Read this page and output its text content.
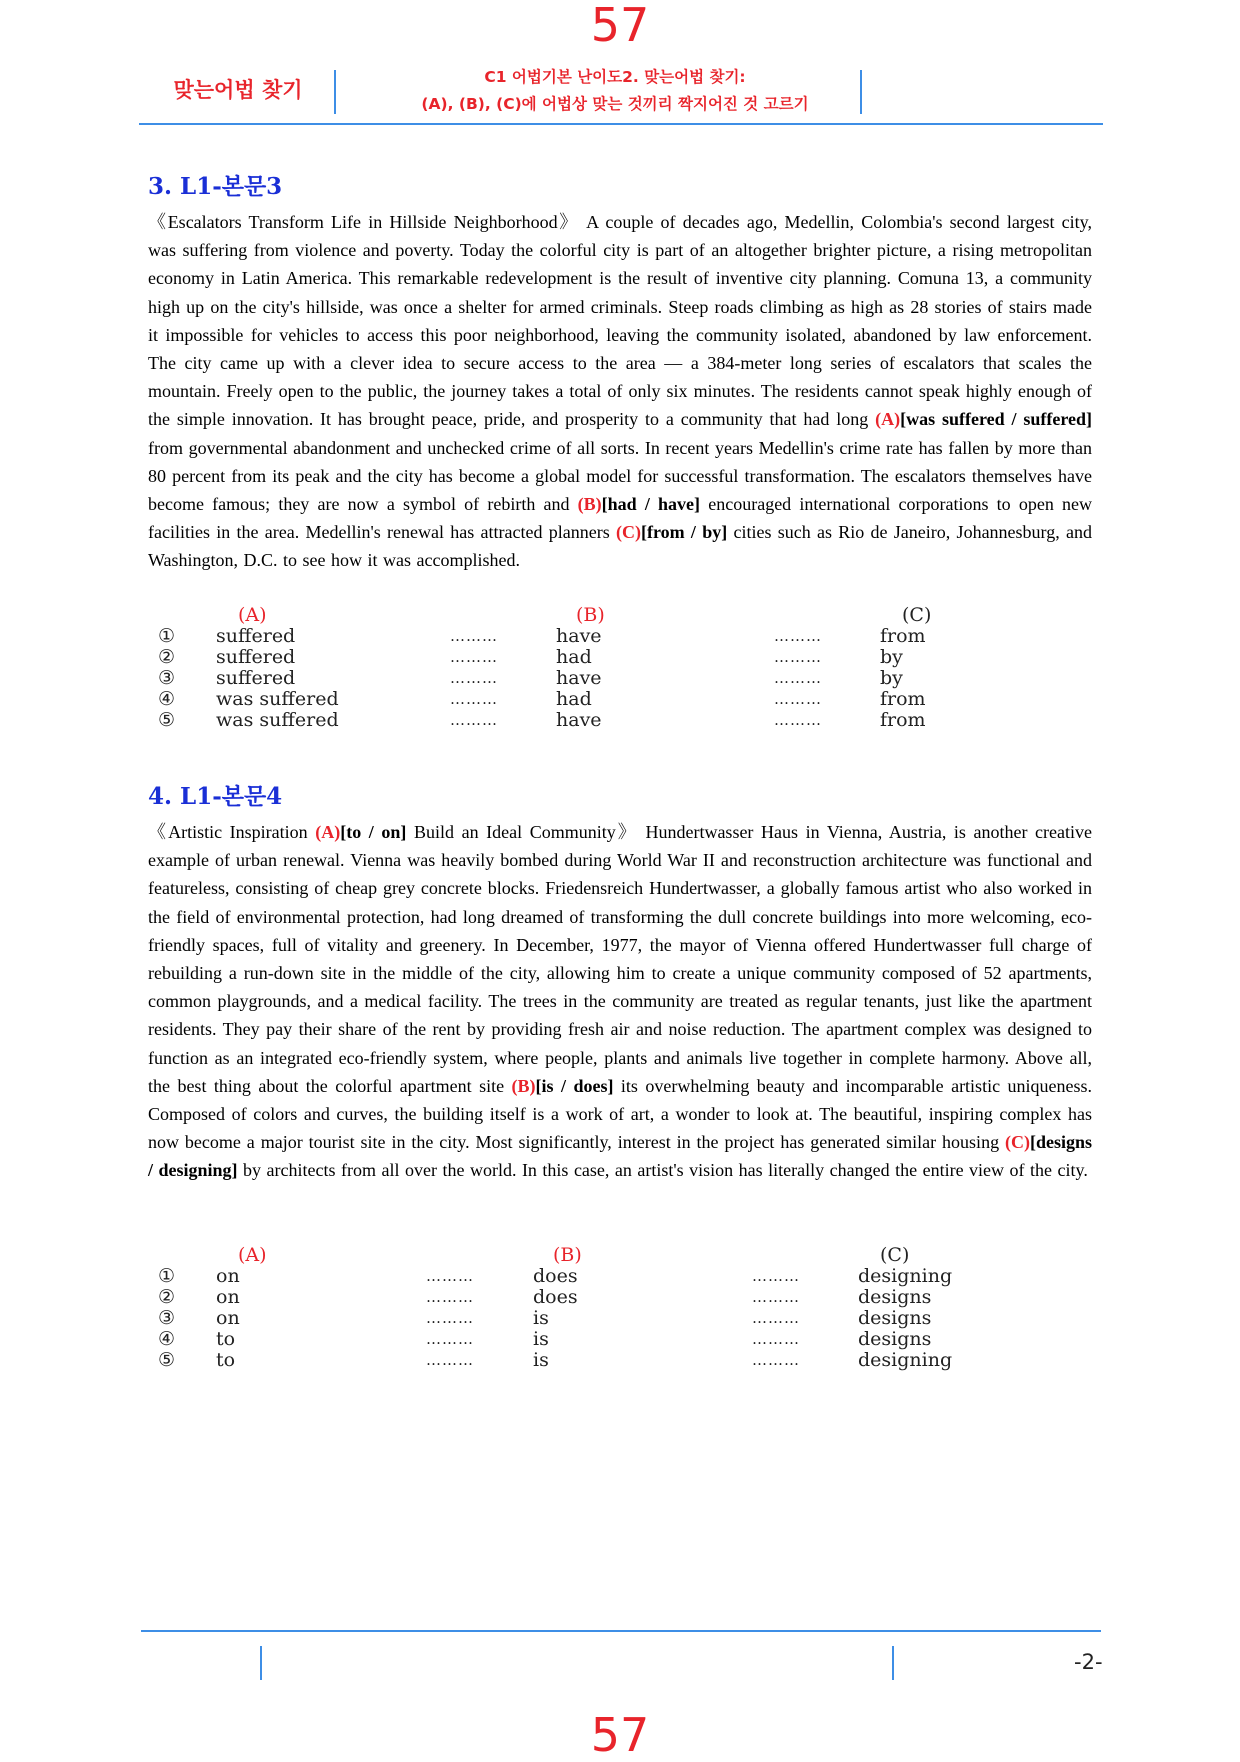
57
맞는어법 찾기
C1 어법기본 난이도2. 맞는어법 찾기:
(A), (B), (C)에 어법상 맞는 것끼리 짝지어진 것 고르기
3. L1-본문3

《Escalators Transform Life in Hillside Neighborhood》 A couple of decades ago, Medellin, Colombia's second largest city, was suffering from violence and poverty. Today the colorful city is part of an altogether brighter picture, a rising metropolitan economy in Latin America. This remarkable redevelopment is the result of inventive city planning. Comuna 13, a community high up on the city's hillside, was once a shelter for armed criminals. Steep roads climbing as high as 28 stories of stairs made it impossible for vehicles to access this poor neighborhood, leaving the community isolated, abandoned by law enforcement. The city came up with a clever idea to secure access to the area — a 384-meter long series of escalators that scales the mountain. Freely open to the public, the journey takes a total of only six minutes. The residents cannot speak highly enough of the simple innovation. It has brought peace, pride, and prosperity to a community that had long (A)[was suffered / suffered] from governmental abandonment and unchecked crime of all sorts. In recent years Medellin's crime rate has fallen by more than 80 percent from its peak and the city has become a global model for successful transformation. The escalators themselves have become famous; they are now a symbol of rebirth and (B)[had / have] encouraged international corporations to open new facilities in the area. Medellin's renewal has attracted planners (C)[from / by] cities such as Rio de Janeiro, Johannesburg, and Washington, D.C. to see how it was accomplished.

(A)	(B)	(C)
① suffered	………	have	………	from
② suffered	………	had	………	by
③ suffered	………	have	………	by
④ was suffered	………	had	………	from
⑤ was suffered	………	have	………	from
4. L1-본문4

《Artistic Inspiration (A)[to / on] Build an Ideal Community》 Hundertwasser Haus in Vienna, Austria, is another creative example of urban renewal. Vienna was heavily bombed during World War II and reconstruction architecture was functional and featureless, consisting of cheap grey concrete blocks. Friedensreich Hundertwasser, a globally famous artist who also worked in the field of environmental protection, had long dreamed of transforming the dull concrete buildings into more welcoming, eco-friendly spaces, full of vitality and greenery. In December, 1977, the mayor of Vienna offered Hundertwasser full charge of rebuilding a run-down site in the middle of the city, allowing him to create a unique community composed of 52 apartments, common playgrounds, and a medical facility. The trees in the community are treated as regular tenants, just like the apartment residents. They pay their share of the rent by providing fresh air and noise reduction. The apartment complex was designed to function as an integrated eco-friendly system, where people, plants and animals live together in complete harmony. Above all, the best thing about the colorful apartment site (B)[is / does] its overwhelming beauty and incomparable artistic uniqueness. Composed of colors and curves, the building itself is a work of art, a wonder to look at. The beautiful, inspiring complex has now become a major tourist site in the city. Most significantly, interest in the project has generated similar housing (C)[designs / designing] by architects from all over the world. In this case, an artist's vision has literally changed the entire view of the city.

(A)	(B)	(C)
① on	………	does	………	designing
② on	………	does	………	designs
③ on	………	is	………	designs
④ to	………	is	………	designs
⑤ to	………	is	………	designing
-2-
57
